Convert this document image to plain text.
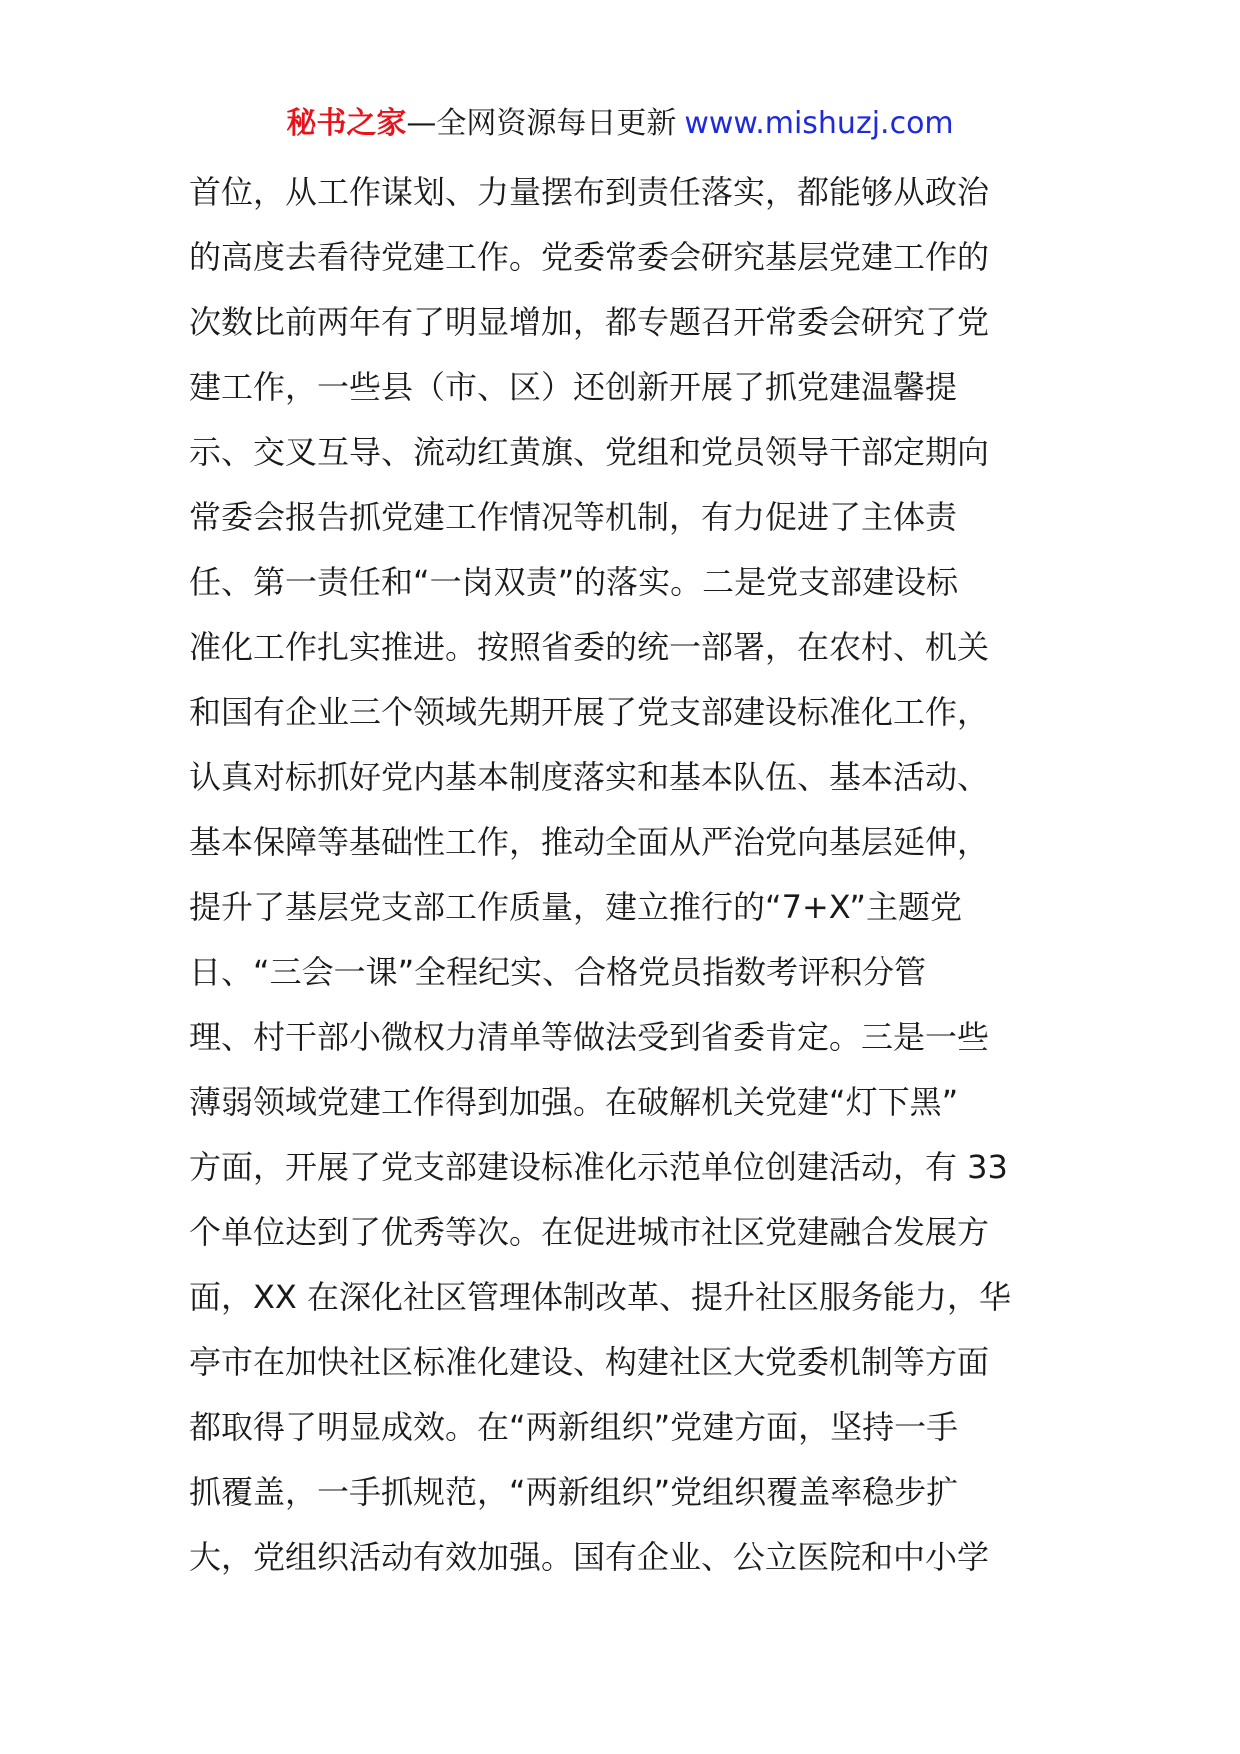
秘书之家—全网资源每日更新 www.mishuzj.com
首位，从工作谋划、力量摆布到责任落实，都能够从政治
的高度去看待党建工作。党委常委会研究基层党建工作的
次数比前两年有了明显增加，都专题召开常委会研究了党
建工作，一些县（市、区）还创新开展了抓党建温馨提
示、交叉互导、流动红黄旗、党组和党员领导干部定期向
常委会报告抓党建工作情况等机制，有力促进了主体责
任、第一责任和“一岗双责”的落实。二是党支部建设标
准化工作扎实推进。按照省委的统一部署，在农村、机关
和国有企业三个领域先期开展了党支部建设标准化工作，
认真对标抓好党内基本制度落实和基本队伍、基本活动、
基本保障等基础性工作，推动全面从严治党向基层延伸，
提升了基层党支部工作质量，建立推行的“7+X”主题党
日、“三会一课”全程纪实、合格党员指数考评积分管
理、村干部小微权力清单等做法受到省委肯定。三是一些
薄弱领域党建工作得到加强。在破解机关党建“灯下黑”
方面，开展了党支部建设标准化示范单位创建活动，有 33
个单位达到了优秀等次。在促进城市社区党建融合发展方
面，XX 在深化社区管理体制改革、提升社区服务能力，华
亭市在加快社区标准化建设、构建社区大党委机制等方面
都取得了明显成效。在“两新组织”党建方面，坚持一手
抓覆盖，一手抓规范，“两新组织”党组织覆盖率稳步扩
大，党组织活动有效加强。国有企业、公立医院和中小学
